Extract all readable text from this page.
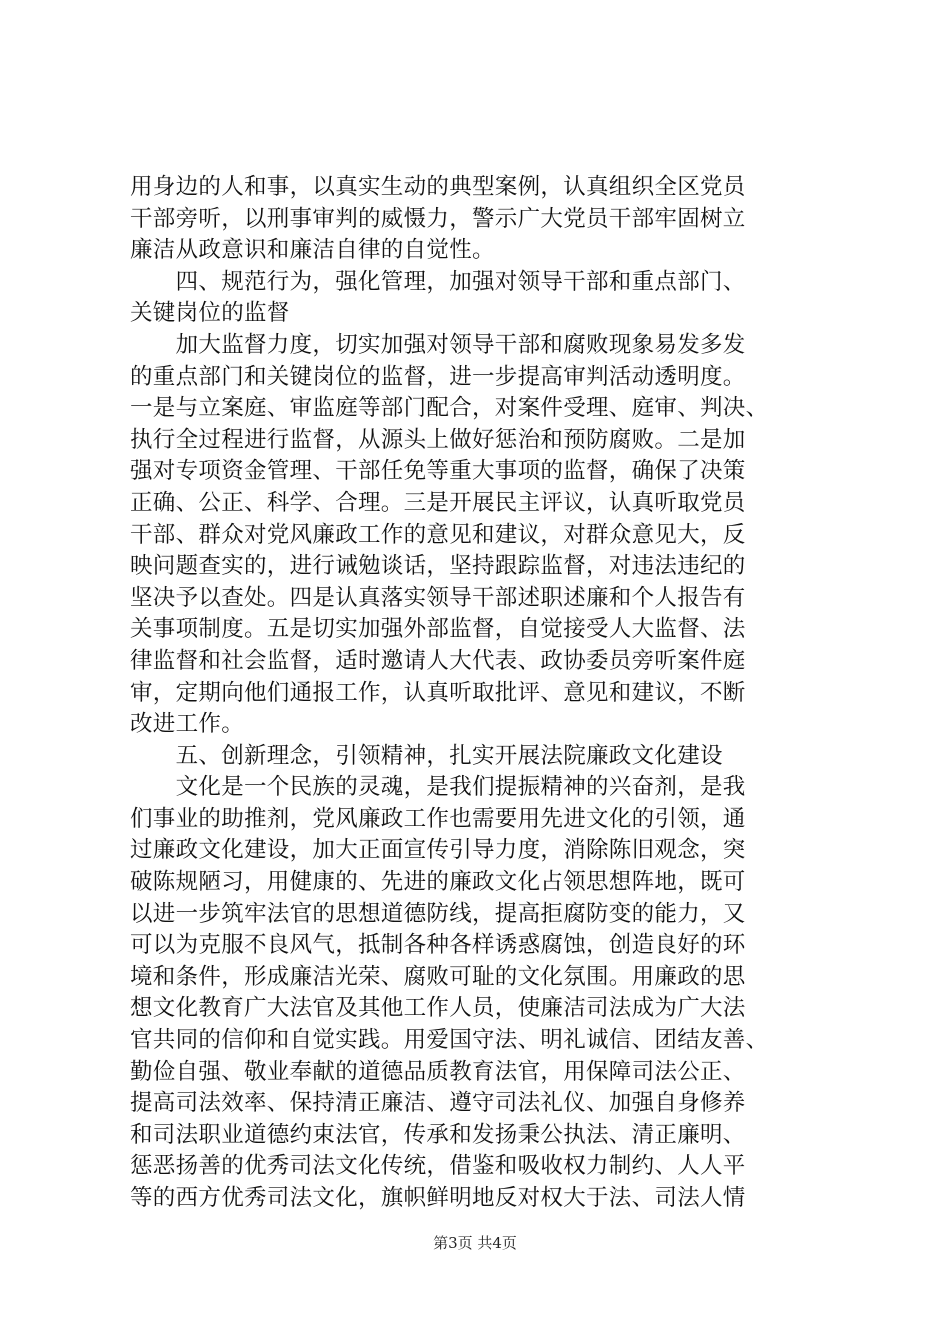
用身边的人和事，以真实生动的典型案例，认真组织全区党员
干部旁听，以刑事审判的威慑力，警示广大党员干部牢固树立
廉洁从政意识和廉洁自律的自觉性。
　　四、规范行为，强化管理，加强对领导干部和重点部门、
关键岗位的监督
　　加大监督力度，切实加强对领导干部和腐败现象易发多发
的重点部门和关键岗位的监督，进一步提高审判活动透明度。
一是与立案庭、审监庭等部门配合，对案件受理、庭审、判决、
执行全过程进行监督，从源头上做好惩治和预防腐败。二是加
强对专项资金管理、干部任免等重大事项的监督，确保了决策
正确、公正、科学、合理。三是开展民主评议，认真听取党员
干部、群众对党风廉政工作的意见和建议，对群众意见大，反
映问题查实的，进行诫勉谈话，坚持跟踪监督，对违法违纪的
坚决予以查处。四是认真落实领导干部述职述廉和个人报告有
关事项制度。五是切实加强外部监督，自觉接受人大监督、法
律监督和社会监督，适时邀请人大代表、政协委员旁听案件庭
审，定期向他们通报工作，认真听取批评、意见和建议，不断
改进工作。
　　五、创新理念，引领精神，扎实开展法院廉政文化建设
　　文化是一个民族的灵魂，是我们提振精神的兴奋剂，是我
们事业的助推剂，党风廉政工作也需要用先进文化的引领，通
过廉政文化建设，加大正面宣传引导力度，消除陈旧观念，突
破陈规陋习，用健康的、先进的廉政文化占领思想阵地，既可
以进一步筑牢法官的思想道德防线，提高拒腐防变的能力，又
可以为克服不良风气，抵制各种各样诱惑腐蚀，创造良好的环
境和条件，形成廉洁光荣、腐败可耻的文化氛围。用廉政的思
想文化教育广大法官及其他工作人员，使廉洁司法成为广大法
官共同的信仰和自觉实践。用爱国守法、明礼诚信、团结友善、
勤俭自强、敬业奉献的道德品质教育法官，用保障司法公正、
提高司法效率、保持清正廉洁、遵守司法礼仪、加强自身修养
和司法职业道德约束法官，传承和发扬秉公执法、清正廉明、
惩恶扬善的优秀司法文化传统，借鉴和吸收权力制约、人人平
等的西方优秀司法文化，旗帜鲜明地反对权大于法、司法人情
第3页 共4页
